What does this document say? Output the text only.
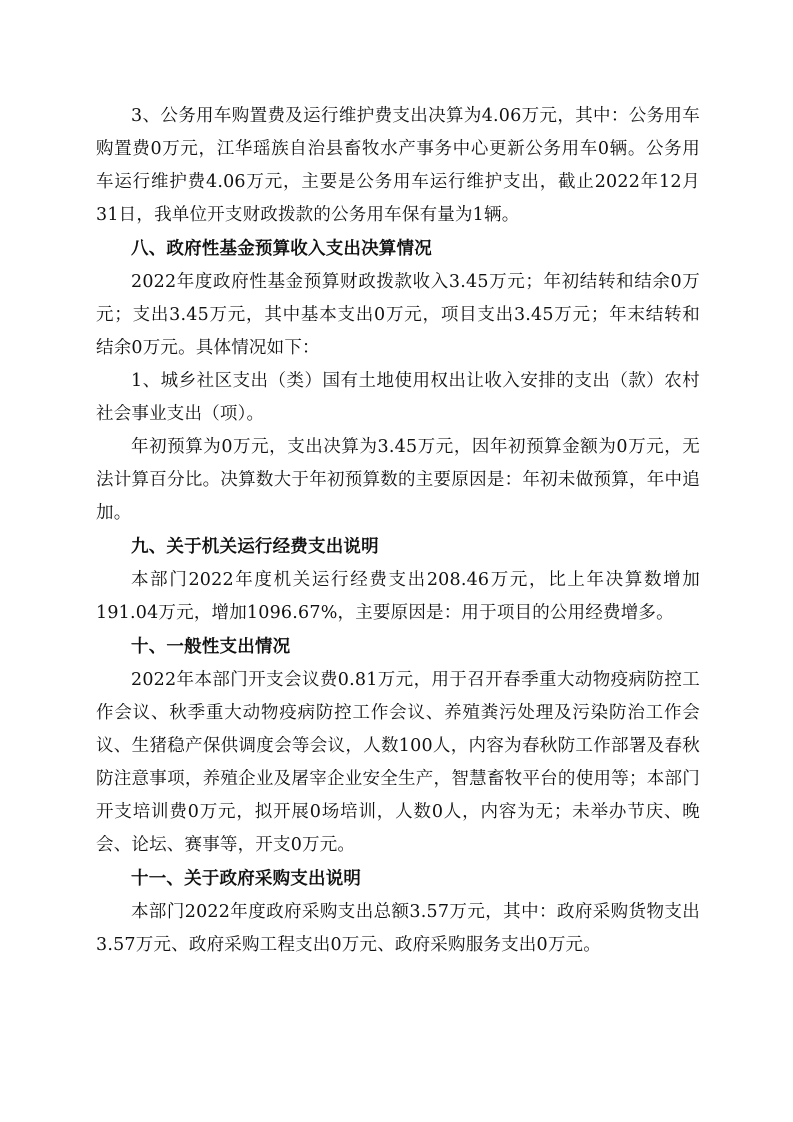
3、公务用车购置费及运行维护费支出决算为4.06万元，其中：公务用车购置费0万元，江华瑶族自治县畜牧水产事务中心更新公务用车0辆。公务用车运行维护费4.06万元，主要是公务用车运行维护支出，截止2022年12月31日，我单位开支财政拨款的公务用车保有量为1辆。

八、政府性基金预算收入支出决算情况

2022年度政府性基金预算财政拨款收入3.45万元；年初结转和结余0万元；支出3.45万元，其中基本支出0万元，项目支出3.45万元；年末结转和结余0万元。具体情况如下：

1、城乡社区支出（类）国有土地使用权出让收入安排的支出（款）农村社会事业支出（项）。

年初预算为0万元，支出决算为3.45万元，因年初预算金额为0万元，无法计算百分比。决算数大于年初预算数的主要原因是：年初未做预算，年中追加。

九、关于机关运行经费支出说明

本部门2022年度机关运行经费支出208.46万元，比上年决算数增加191.04万元，增加1096.67%，主要原因是：用于项目的公用经费增多。

十、一般性支出情况

2022年本部门开支会议费0.81万元，用于召开春季重大动物疫病防控工作会议、秋季重大动物疫病防控工作会议、养殖粪污处理及污染防治工作会议、生猪稳产保供调度会等会议，人数100人，内容为春秋防工作部署及春秋防注意事项，养殖企业及屠宰企业安全生产，智慧畜牧平台的使用等；本部门开支培训费0万元，拟开展0场培训，人数0人，内容为无；未举办节庆、晚会、论坛、赛事等，开支0万元。

十一、关于政府采购支出说明

本部门2022年度政府采购支出总额3.57万元，其中：政府采购货物支出3.57万元、政府采购工程支出0万元、政府采购服务支出0万元。
